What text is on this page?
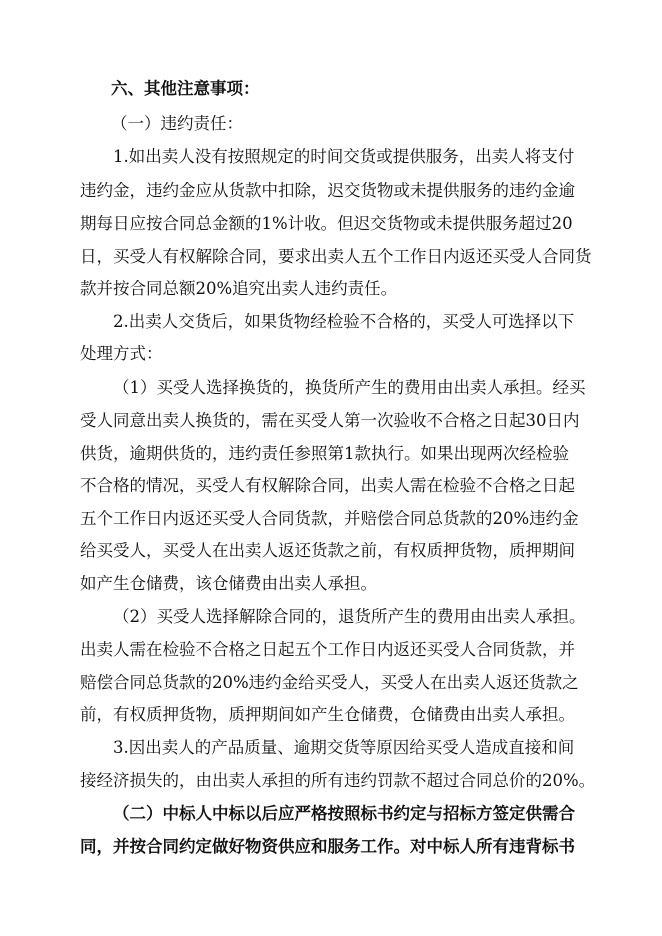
六、其他注意事项：
（一）违约责任：
1.如出卖人没有按照规定的时间交货或提供服务，出卖人将支付
违约金，违约金应从货款中扣除，迟交货物或未提供服务的违约金逾
期每日应按合同总金额的1%计收。但迟交货物或未提供服务超过20
日，买受人有权解除合同，要求出卖人五个工作日内返还买受人合同货
款并按合同总额20%追究出卖人违约责任。
2.出卖人交货后，如果货物经检验不合格的，买受人可选择以下
处理方式：
（1）买受人选择换货的，换货所产生的费用由出卖人承担。经买
受人同意出卖人换货的，需在买受人第一次验收不合格之日起30日内
供货，逾期供货的，违约责任参照第1款执行。如果出现两次经检验
不合格的情况，买受人有权解除合同，出卖人需在检验不合格之日起
五个工作日内返还买受人合同货款，并赔偿合同总货款的20%违约金
给买受人，买受人在出卖人返还货款之前，有权质押货物，质押期间
如产生仓储费，该仓储费由出卖人承担。
（2）买受人选择解除合同的，退货所产生的费用由出卖人承担。
出卖人需在检验不合格之日起五个工作日内返还买受人合同货款，并
赔偿合同总货款的20%违约金给买受人，买受人在出卖人返还货款之
前，有权质押货物，质押期间如产生仓储费，仓储费由出卖人承担。
3.因出卖人的产品质量、逾期交货等原因给买受人造成直接和间
接经济损失的，由出卖人承担的所有违约罚款不超过合同总价的20%。
（二）中标人中标以后应严格按照标书约定与招标方签定供需合
同，并按合同约定做好物资供应和服务工作。对中标人所有违背标书
